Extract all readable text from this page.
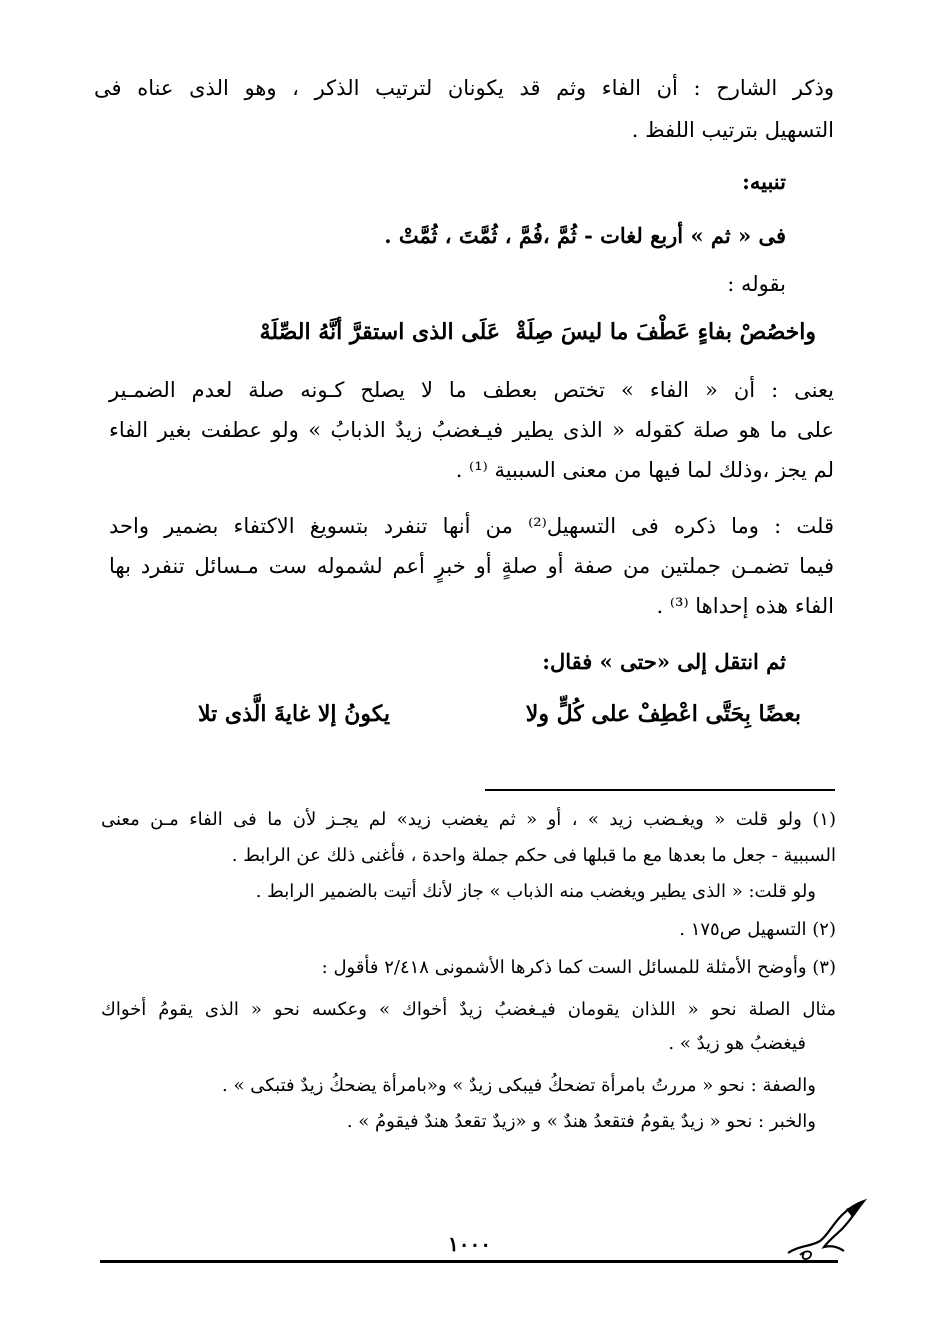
وذكر الشارح : أن الفاء وثم قد يكونان لترتيب الذكر ، وهو الذى عناه فى
التسهيل بترتيب اللفظ .
تنبيه:
فى « ثم » أربع لغات - ثُمَّ ،فُمَّ ، ثُمَّتَ ، ثُمَّتْ .
بقوله :
واخصُصْ بفاءٍ عَطْفَ ما ليسَ صِلَةْ
عَلَى الذى استقرَّ أنَّهُ الصِّلَهْ
يعنى : أن « الفاء » تختص بعطف ما لا يصلح كـونه صلة لعدم الضمـير
على ما هو صلة كقوله « الذى يطير فيـغضبُ زيدٌ الذبابُ » ولو عطفت بغير الفاء
لم يجز ،وذلك لما فيها من معنى السببية ⁽¹⁾ .
قلت : وما ذكره فى التسهيل⁽²⁾ من أنها تنفرد بتسويغ الاكتفاء بضمير واحد
فيما تضمـن جملتين من صفة أو صلةٍ أو خبرٍ أعم لشموله ست مـسائل تنفرد بها
الفاء هذه إحداها ⁽³⁾ .
ثم انتقل إلى «حتى » فقال:
بعضًا بِحَتَّى اعْطِفْ على كُلٍّ ولا
يكونُ إلا غايةَ الَّذى تلا
(١) ولو قلت « ويغـضب زيد » ، أو « ثم يغضب زيد» لم يجـز لأن ما فى الفاء مـن معنى
السببية - جعل ما بعدها مع ما قبلها فى حكم جملة واحدة ، فأغنى ذلك عن الرابط .
ولو قلت: « الذى يطير ويغضب منه الذباب » جاز لأنك أتيت بالضمير الرابط .
(٢) التسهيل ص١٧٥ .
(٣) وأوضح الأمثلة للمسائل الست كما ذكرها الأشمونى ٢/٤١٨ فأقول :
مثال الصلة نحو « اللذان يقومان فيـغضبُ زيدٌ أخواك » وعكسه نحو « الذى يقومُ أخواك
فيغضبُ هو زيدٌ » .
والصفة : نحو « مررتُ بامرأة تضحكُ فيبكى زيدٌ » و«بامرأة يضحكُ زيدٌ فتبكى » .
والخبر : نحو « زيدٌ يقومُ فتقعدُ هندٌ » و «زيدٌ تقعدُ هندٌ فيقومُ » .
١٠٠٠
